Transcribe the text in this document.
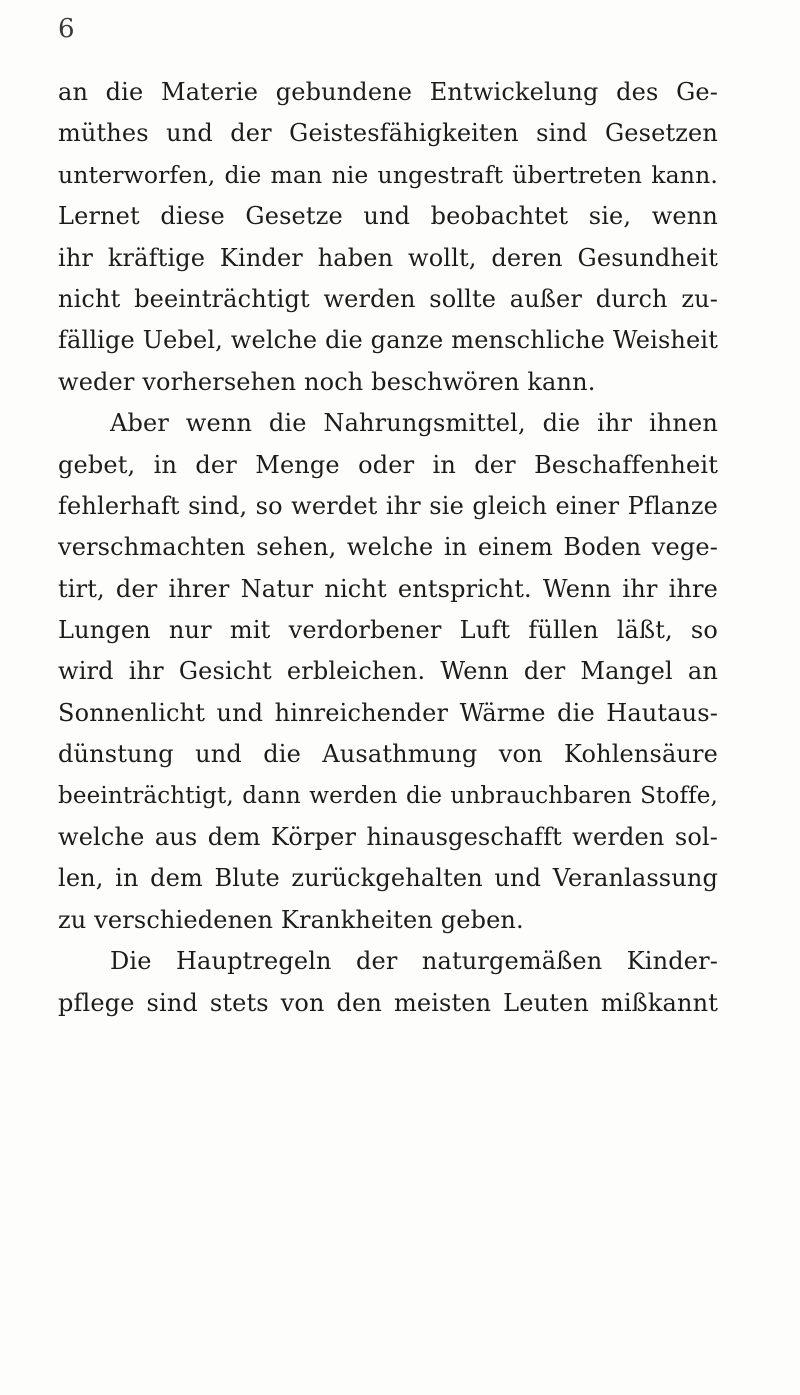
6
an die Materie gebundene Entwickelung des Ge-
müthes und der Geistesfähigkeiten sind Gesetzen
unterworfen, die man nie ungestraft übertreten kann.
Lernet diese Gesetze und beobachtet sie, wenn
ihr kräftige Kinder haben wollt, deren Gesundheit
nicht beeinträchtigt werden sollte außer durch zu-
fällige Uebel, welche die ganze menschliche Weisheit
weder vorhersehen noch beschwören kann.
Aber wenn die Nahrungsmittel, die ihr ihnen
gebet, in der Menge oder in der Beschaffenheit
fehlerhaft sind, so werdet ihr sie gleich einer Pflanze
verschmachten sehen, welche in einem Boden vege-
tirt, der ihrer Natur nicht entspricht. Wenn ihr ihre
Lungen nur mit verdorbener Luft füllen läßt, so
wird ihr Gesicht erbleichen. Wenn der Mangel an
Sonnenlicht und hinreichender Wärme die Hautaus-
dünstung und die Ausathmung von Kohlensäure
beeinträchtigt, dann werden die unbrauchbaren Stoffe,
welche aus dem Körper hinausgeschafft werden sol-
len, in dem Blute zurückgehalten und Veranlassung
zu verschiedenen Krankheiten geben.
Die Hauptregeln der naturgemäßen Kinder-
pflege sind stets von den meisten Leuten mißkannt
